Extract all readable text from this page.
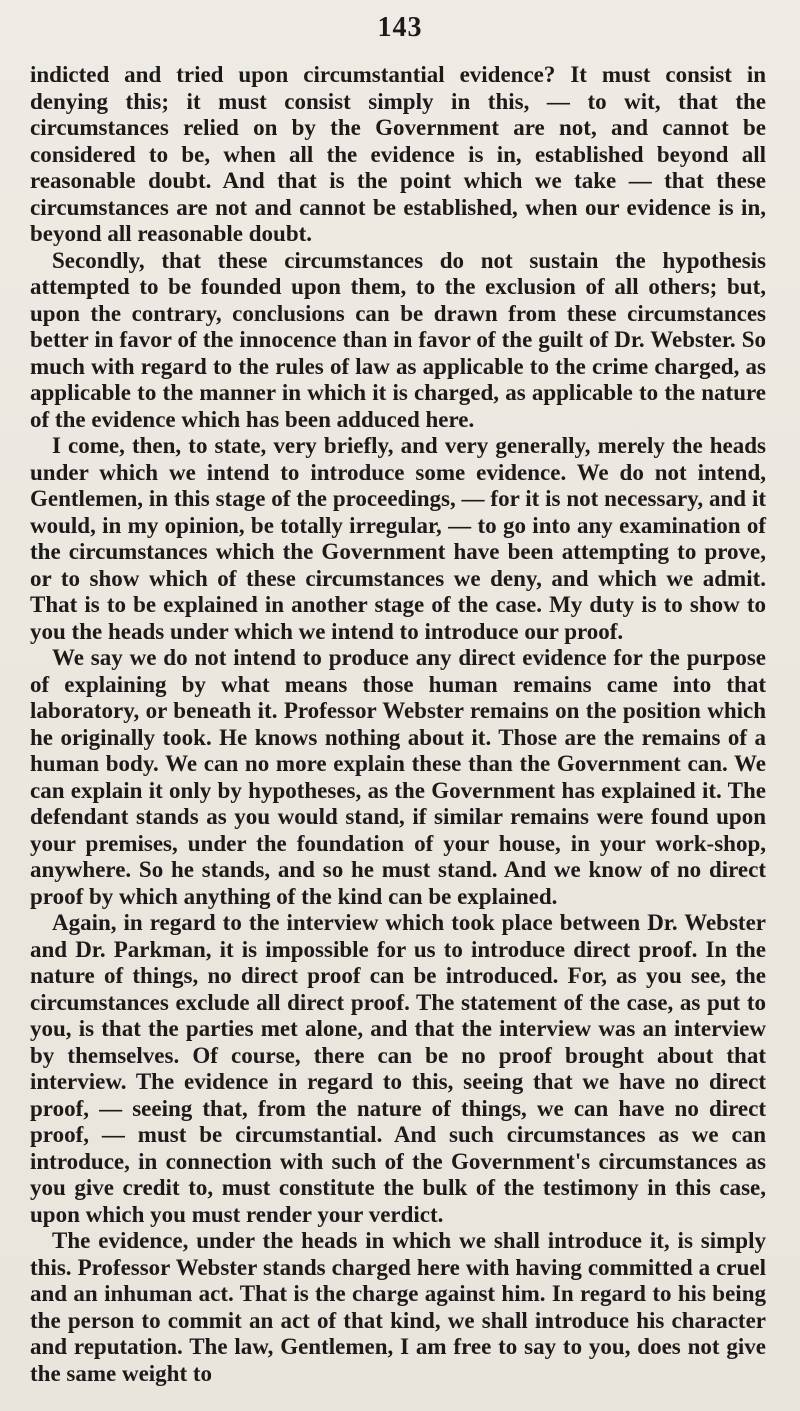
143

indicted and tried upon circumstantial evidence? It must consist in denying this; it must consist simply in this, — to wit, that the circumstances relied on by the Government are not, and cannot be considered to be, when all the evidence is in, established beyond all reasonable doubt. And that is the point which we take — that these circumstances are not and cannot be established, when our evidence is in, beyond all reasonable doubt.

Secondly, that these circumstances do not sustain the hypothesis attempted to be founded upon them, to the exclusion of all others; but, upon the contrary, conclusions can be drawn from these circumstances better in favor of the innocence than in favor of the guilt of Dr. Webster. So much with regard to the rules of law as applicable to the crime charged, as applicable to the manner in which it is charged, as applicable to the nature of the evidence which has been adduced here.

I come, then, to state, very briefly, and very generally, merely the heads under which we intend to introduce some evidence. We do not intend, Gentlemen, in this stage of the proceedings, — for it is not necessary, and it would, in my opinion, be totally irregular, — to go into any examination of the circumstances which the Government have been attempting to prove, or to show which of these circumstances we deny, and which we admit. That is to be explained in another stage of the case. My duty is to show to you the heads under which we intend to introduce our proof.

We say we do not intend to produce any direct evidence for the purpose of explaining by what means those human remains came into that laboratory, or beneath it. Professor Webster remains on the position which he originally took. He knows nothing about it. Those are the remains of a human body. We can no more explain these than the Government can. We can explain it only by hypotheses, as the Government has explained it. The defendant stands as you would stand, if similar remains were found upon your premises, under the foundation of your house, in your work-shop, anywhere. So he stands, and so he must stand. And we know of no direct proof by which anything of the kind can be explained.

Again, in regard to the interview which took place between Dr. Webster and Dr. Parkman, it is impossible for us to introduce direct proof. In the nature of things, no direct proof can be introduced. For, as you see, the circumstances exclude all direct proof. The statement of the case, as put to you, is that the parties met alone, and that the interview was an interview by themselves. Of course, there can be no proof brought about that interview. The evidence in regard to this, seeing that we have no direct proof, — seeing that, from the nature of things, we can have no direct proof, — must be circumstantial. And such circumstances as we can introduce, in connection with such of the Government's circumstances as you give credit to, must constitute the bulk of the testimony in this case, upon which you must render your verdict.

The evidence, under the heads in which we shall introduce it, is simply this. Professor Webster stands charged here with having committed a cruel and an inhuman act. That is the charge against him. In regard to his being the person to commit an act of that kind, we shall introduce his character and reputation. The law, Gentlemen, I am free to say to you, does not give the same weight to
